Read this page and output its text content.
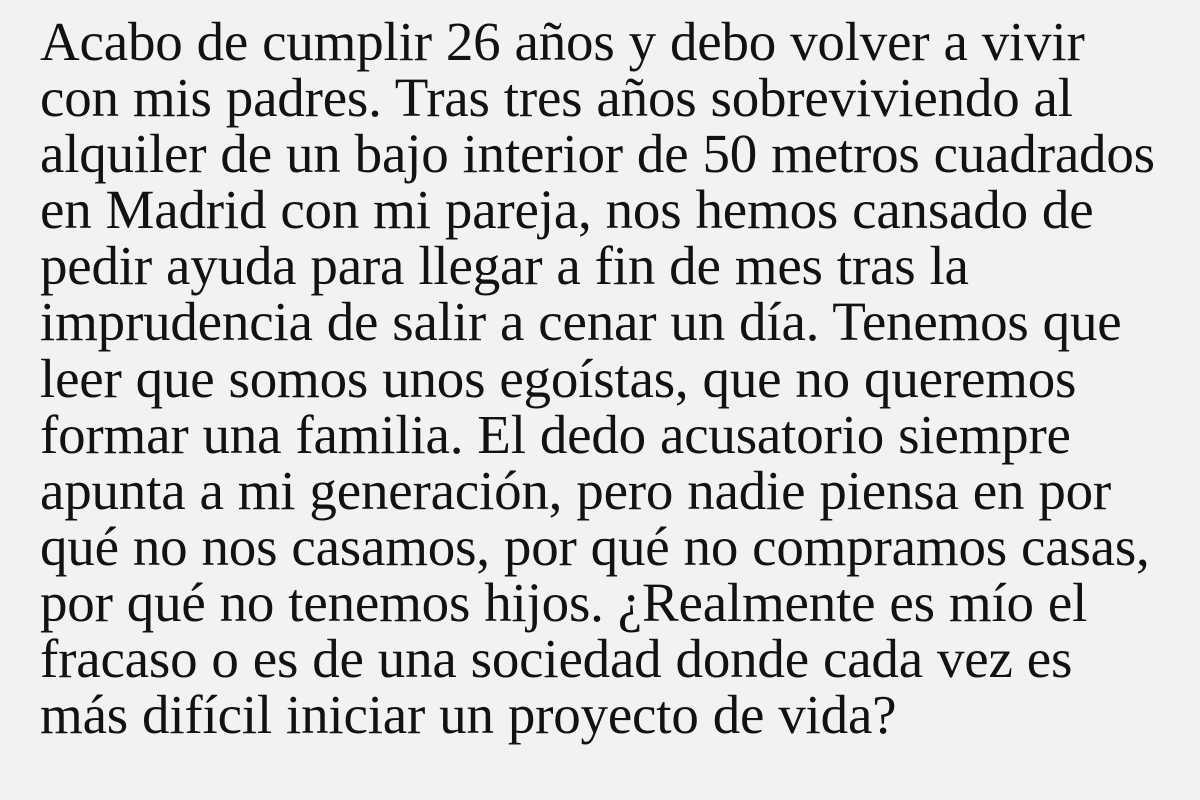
Acabo de cumplir 26 años y debo volver a vivir con mis padres. Tras tres años sobreviviendo al alquiler de un bajo interior de 50 metros cuadrados en Madrid con mi pareja, nos hemos cansado de pedir ayuda para llegar a fin de mes tras la imprudencia de salir a cenar un día. Tenemos que leer que somos unos egoístas, que no queremos formar una familia. El dedo acusatorio siempre apunta a mi generación, pero nadie piensa en por qué no nos casamos, por qué no compramos casas, por qué no tenemos hijos. ¿Realmente es mío el fracaso o es de una sociedad donde cada vez es más difícil iniciar un proyecto de vida?
